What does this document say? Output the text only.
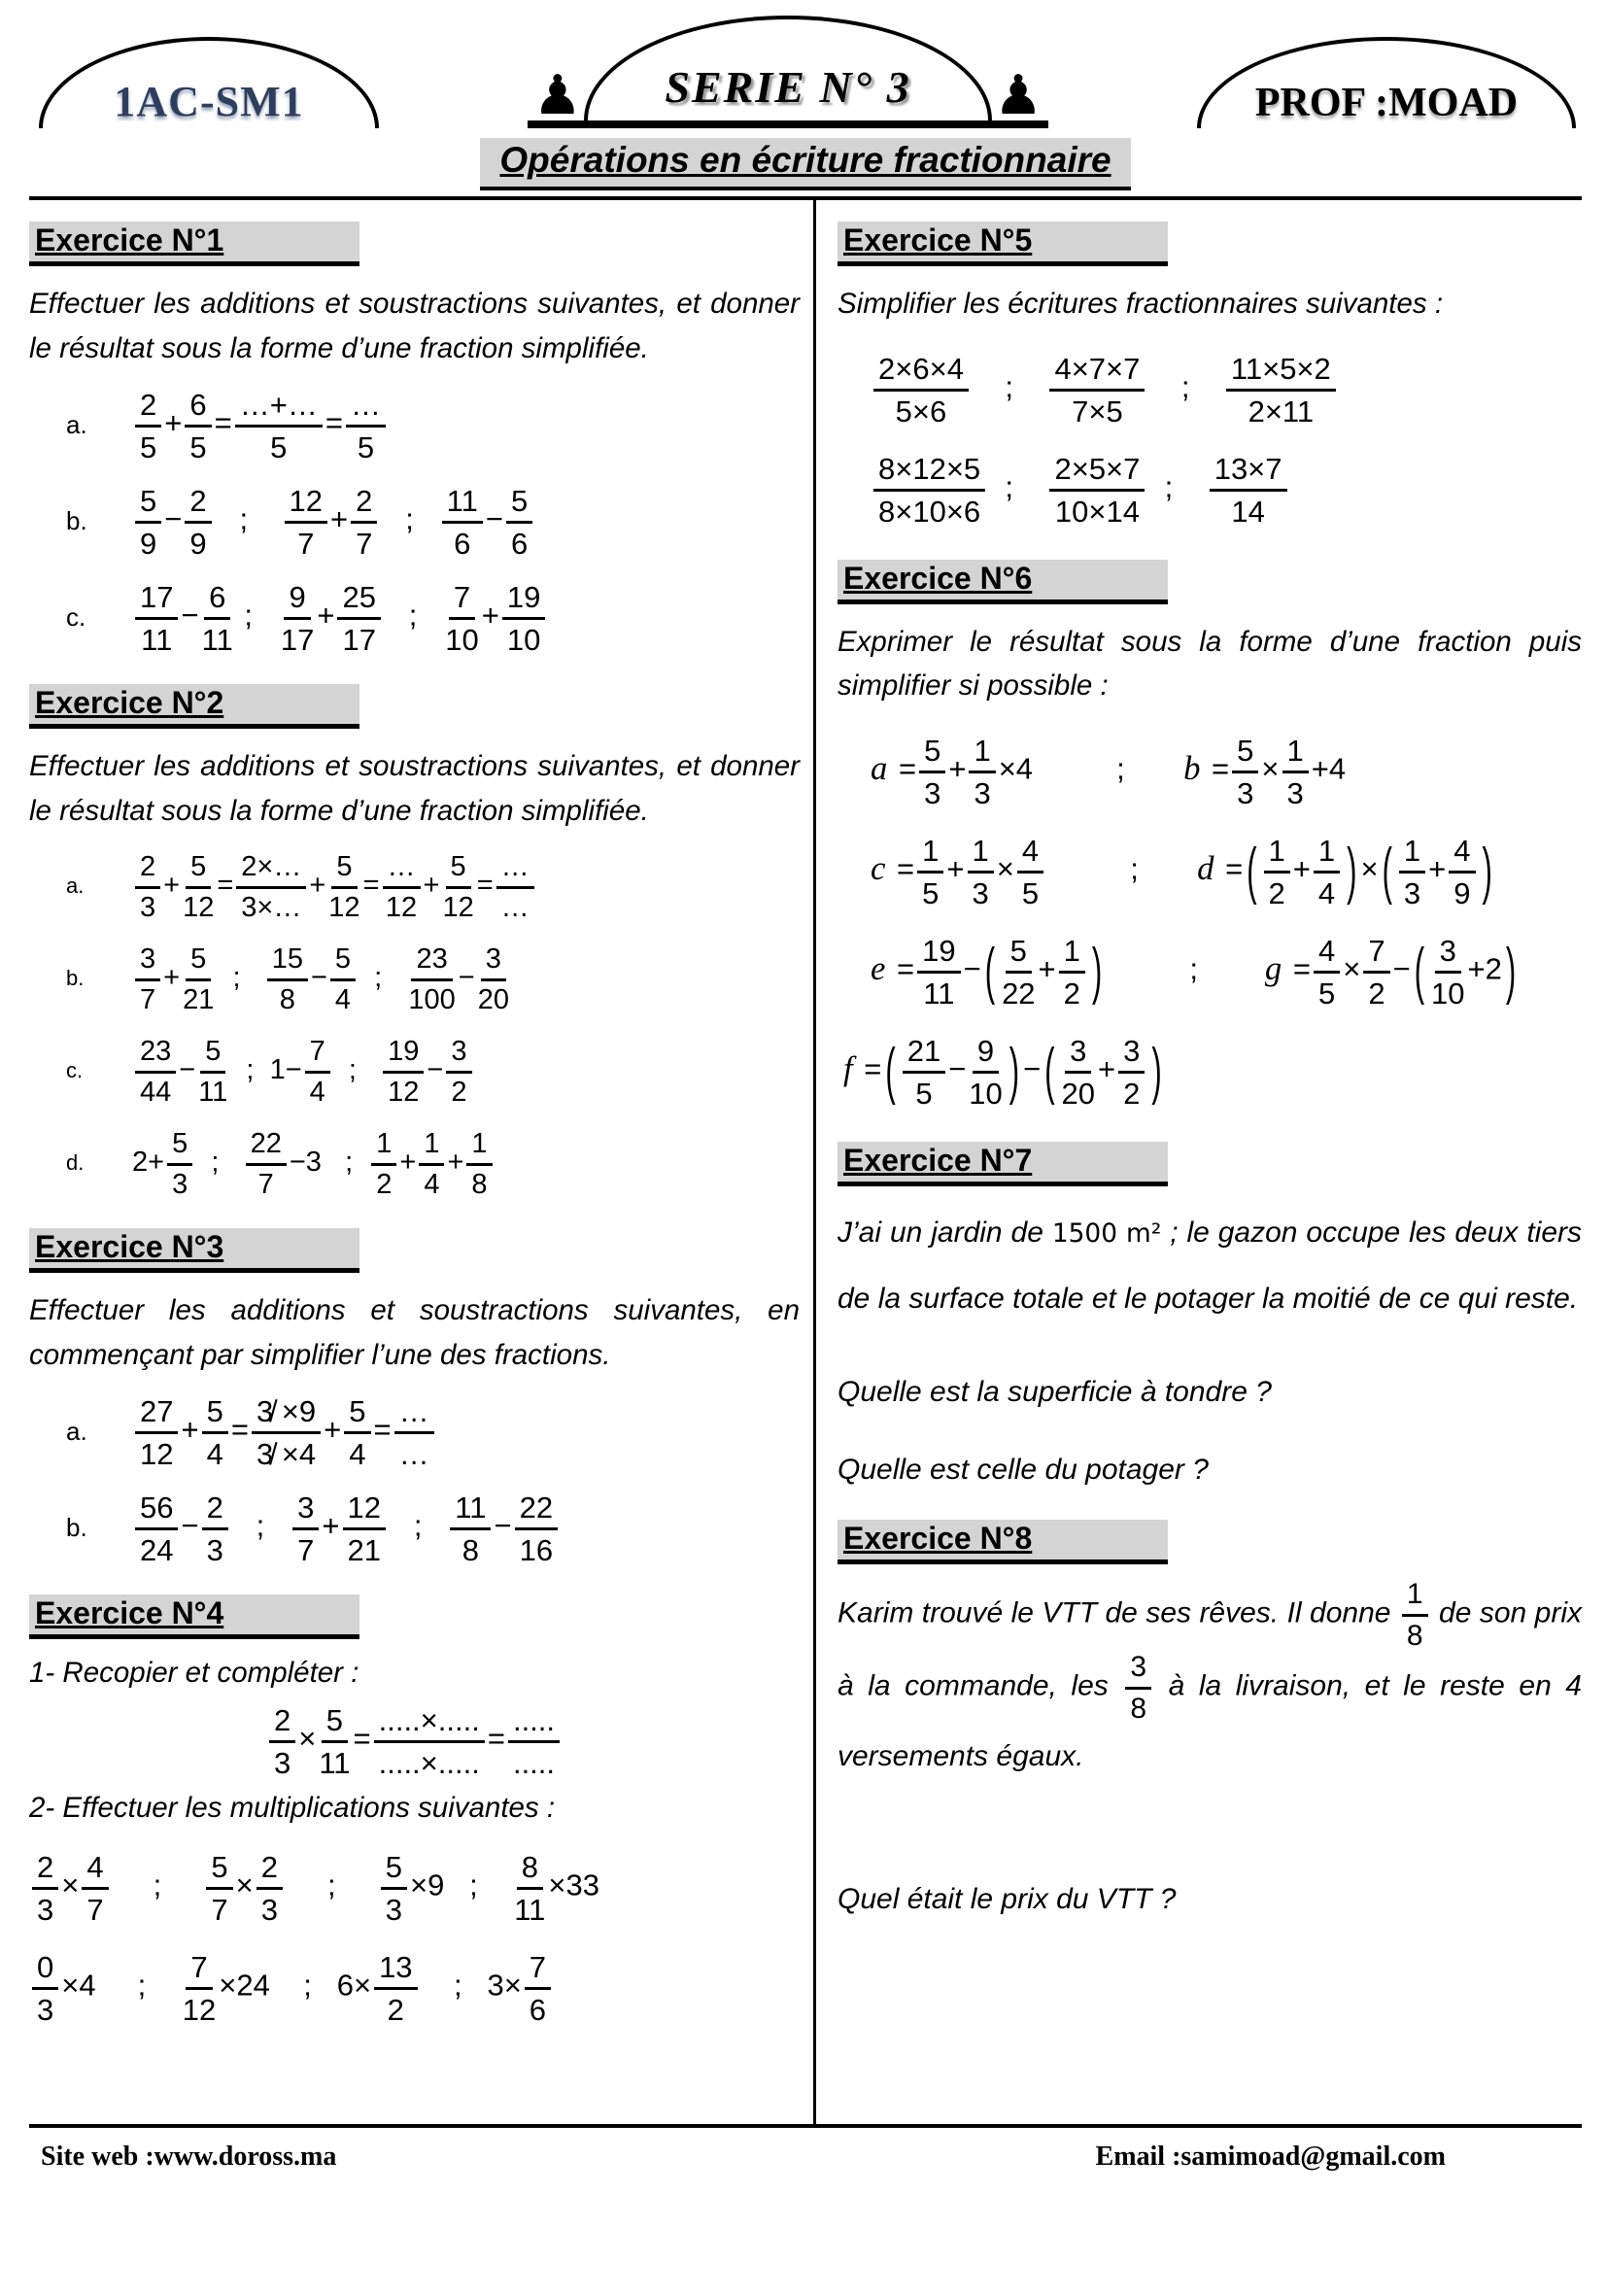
1AC-SM1	♟ SERIE N° 3 ♟	PROF :MOAD
Opérations en écriture fractionnaire
Exercice N°1

Effectuer les additions et soustractions suivantes, et donner le résultat sous la forme d’une fraction simplifiée.

a.	$\frac{2}{5} + \frac{6}{5} = \frac{\dots+\dots}{5} = \frac{\dots}{5}$
b.	$\frac{5}{9} - \frac{2}{9}$ ; $\frac{12}{7} + \frac{2}{7}$ ; $\frac{11}{6} - \frac{5}{6}$
c.	$\frac{17}{11} - \frac{6}{11}$ ; $\frac{9}{17} + \frac{25}{17}$ ; $\frac{7}{10} + \frac{19}{10}$
Exercice N°2

Effectuer les additions et soustractions suivantes, et donner le résultat sous la forme d’une fraction simplifiée.

a.	$\frac{2}{3} + \frac{5}{12} = \frac{2\times\dots}{3\times\dots} + \frac{5}{12} = \frac{\dots}{12} + \frac{5}{12} = \frac{\dots}{\dots}$
b.	$\frac{3}{7} + \frac{5}{21}$ ; $\frac{15}{8} - \frac{5}{4}$ ; $\frac{23}{100} - \frac{3}{20}$
c.	$\frac{23}{44} - \frac{5}{11}$ ;  $1- \frac{7}{4}$ ; $\frac{19}{12} - \frac{3}{2}$
d.	$2+ \frac{5}{3}$ ; $\frac{22}{7} -3$   ; $\frac{1}{2} + \frac{1}{4} + \frac{1}{8}$
Exercice N°3

Effectuer les additions et soustractions suivantes, en commençant par simplifier l’une des fractions.

a.	$\frac{27}{12} + \frac{5}{4} = \frac{3̸ \times 9}{3̸ \times 4} + \frac{5}{4} = \frac{\dots}{\dots}$
b.	$\frac{56}{24} - \frac{2}{3}$ ; $\frac{3}{7} + \frac{12}{21}$ ; $\frac{11}{8} - \frac{22}{16}$
Exercice N°4

1- Recopier et compléter :

$\frac{2}{3} \times \frac{5}{11} = \frac{.....\times.....}{.....\times.....} = \frac{.....}{.....}$

2- Effectuer les multiplications suivantes :

$\frac{2}{3} \times \frac{4}{7}$ ; $\frac{5}{7} \times \frac{2}{3}$ ; $\frac{5}{3} \times 9$   ; $\frac{8}{11} \times 33$
$\frac{0}{3} \times 4$     ; $\frac{7}{12} \times 24$    ;   $6\times \frac{13}{2}$ ;   $3\times \frac{7}{6}$
Exercice N°5

Simplifier les écritures fractionnaires suivantes :

$\frac{2\times 6\times 4}{5\times 6}$ ; $\frac{4\times 7\times 7}{7\times 5}$ ; $\frac{11\times 5\times 2}{2\times 11}$
$\frac{8\times 12\times 5}{8\times 10\times 6}$ ; $\frac{2\times 5\times 7}{10\times 14}$ ; $\frac{13\times 7}{14}$
Exercice N°6

Exprimer le résultat sous la forme d’une fraction puis simplifier si possible :

$a = \frac{5}{3} + \frac{1}{3} \times 4$          ;       $b = \frac{5}{3} \times \frac{1}{3} +4$
$c = \frac{1}{5} + \frac{1}{3} \times \frac{4}{5}$ ;       d = ( $\frac{1}{2} + \frac{1}{4}$ ) × ( $\frac{1}{3} + \frac{4}{9}$ )
$e = \frac{19}{11}$ − ( $\frac{5}{22} + \frac{1}{2}$ )          ;        $g = \frac{4}{5} \times \frac{7}{2}$ − ( $\frac{3}{10} +2$ )
f = ( $\frac{21}{5} - \frac{9}{10}$ ) − ( $\frac{3}{20} + \frac{3}{2}$ )
Exercice N°7

J’ai un jardin de 1500 m² ; le gazon occupe les deux tiers de la surface totale et le potager la moitié de ce qui reste.

Quelle est la superficie à tondre ?

Quelle est celle du potager ?

Exercice N°8

Karim trouvé le VTT de ses rêves. Il donne $\frac{1}{8}$ de son prix à la commande, les $\frac{3}{8}$ à la livraison, et le reste en 4 versements égaux.

Quel était le prix du VTT ?

Site web :www.doross.ma	Email :samimoad@gmail.com
